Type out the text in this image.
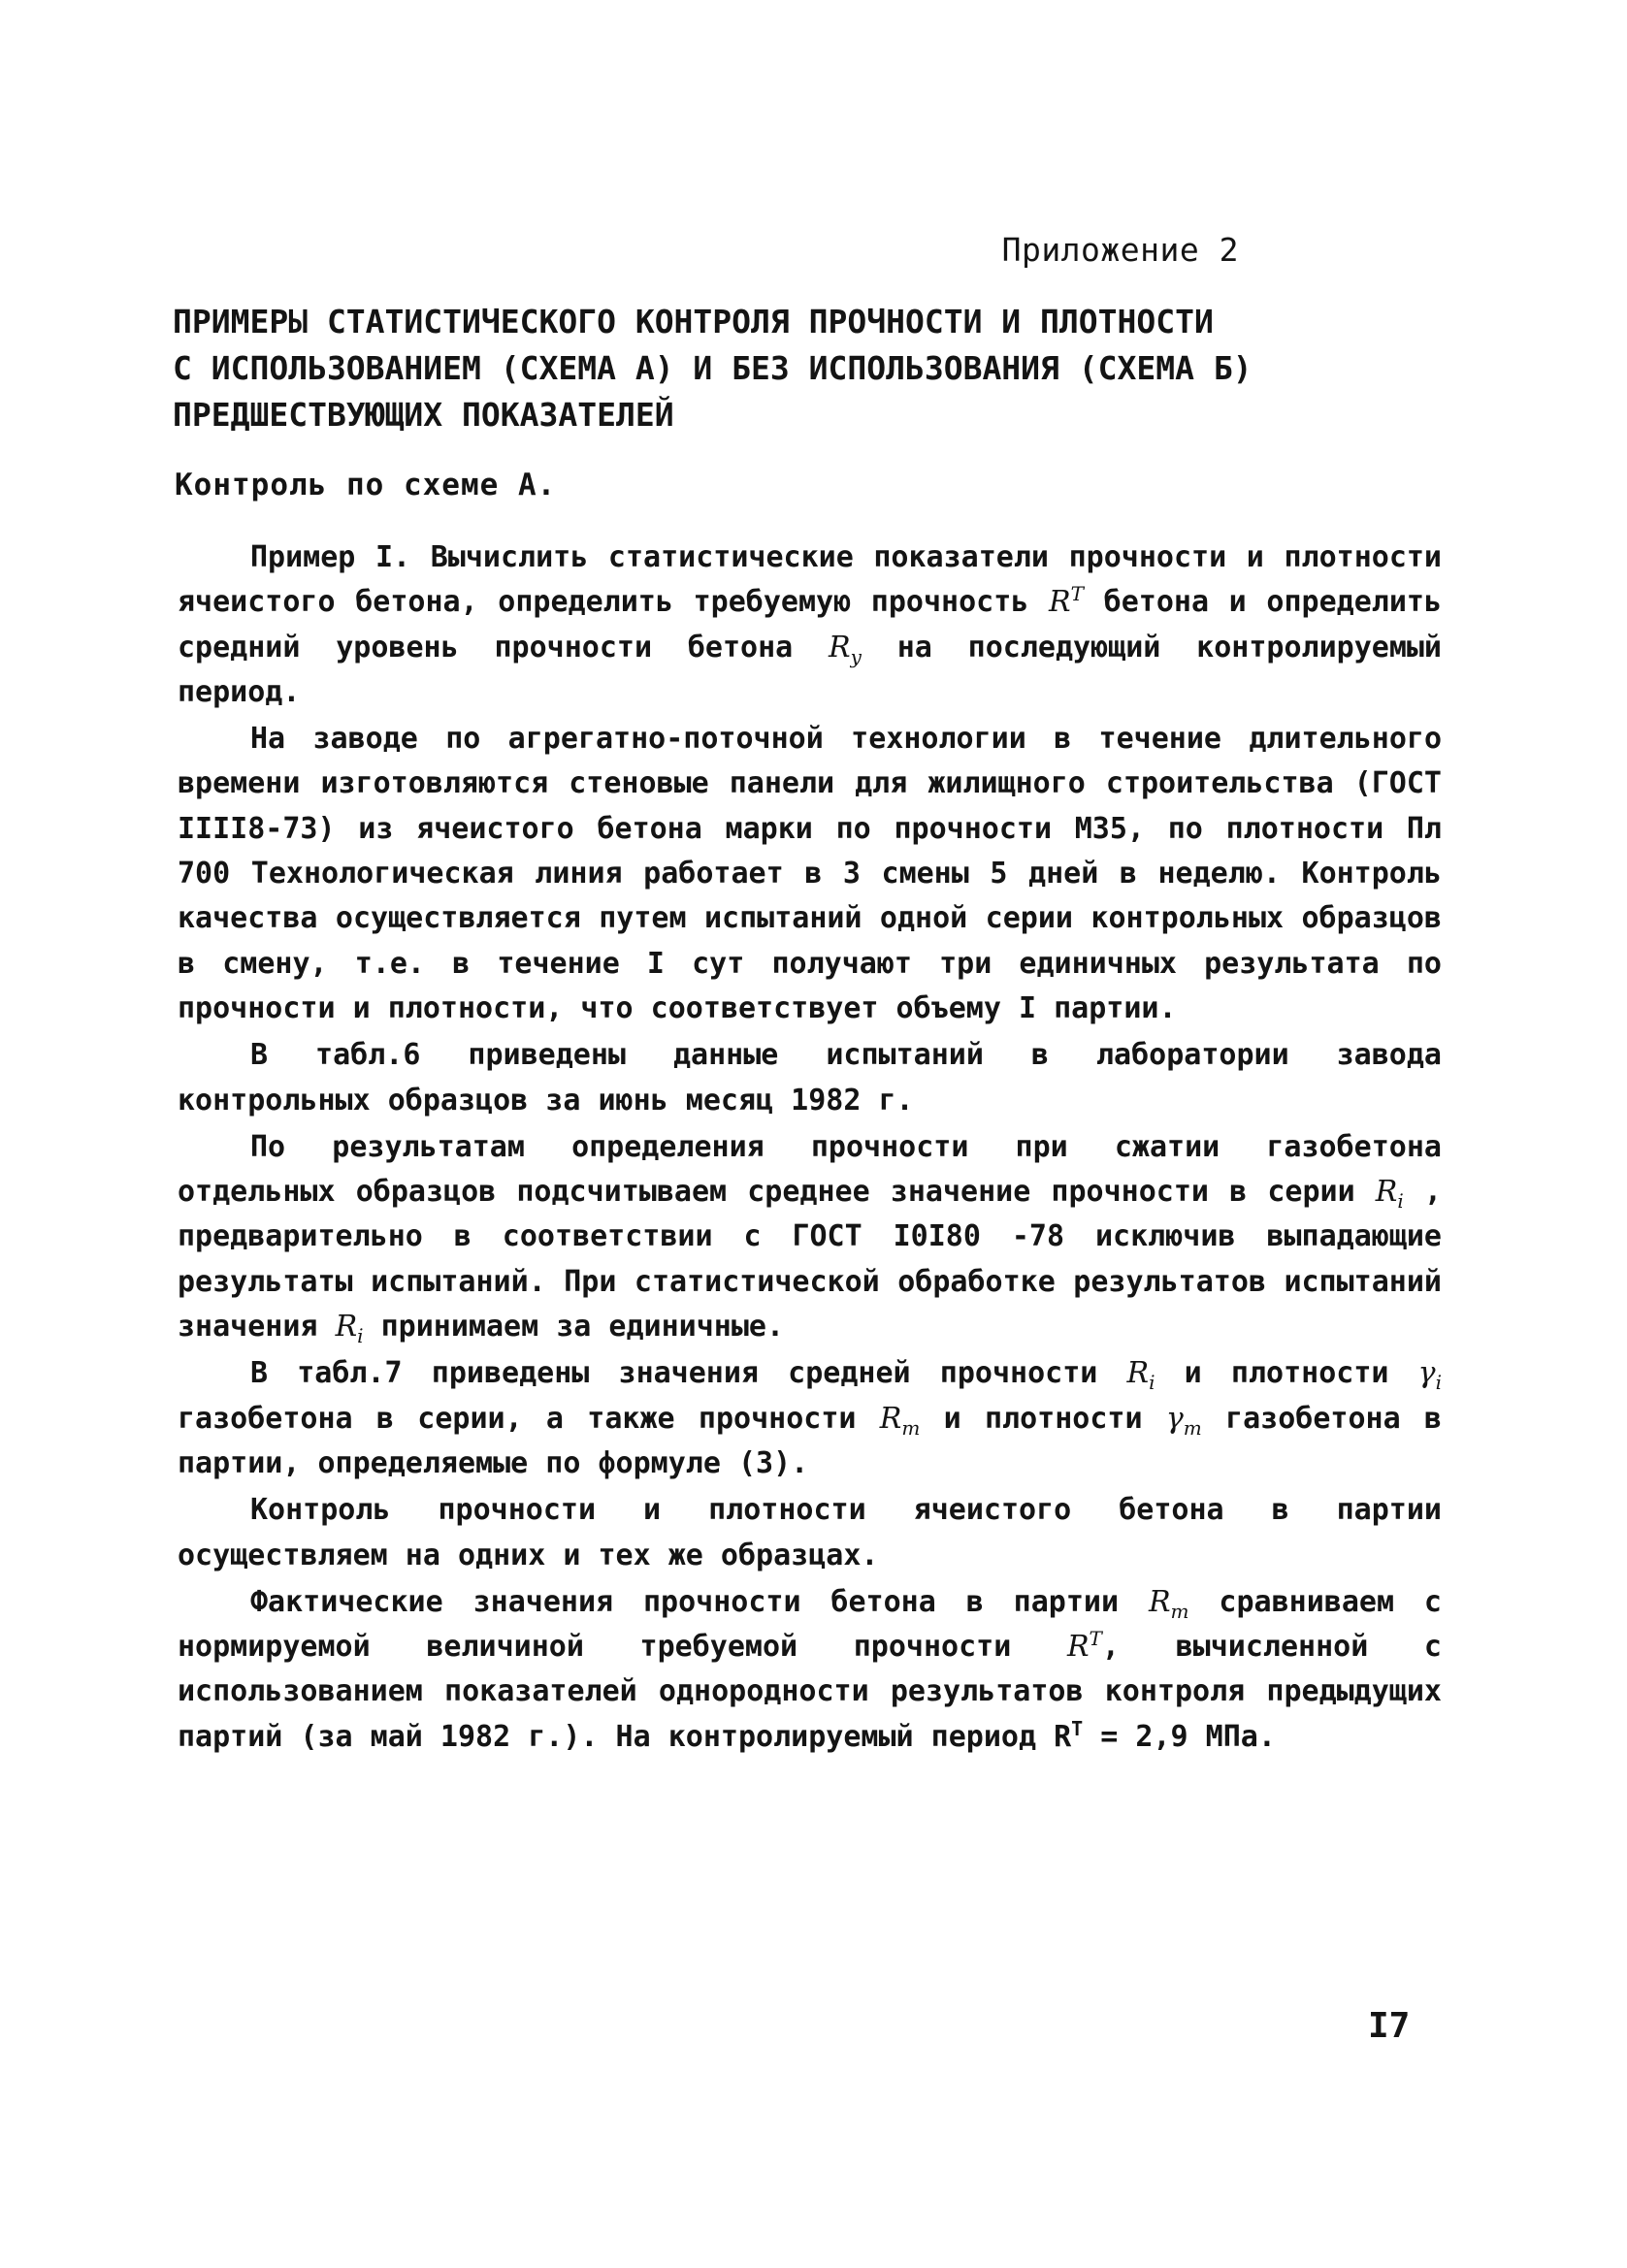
Приложение 2
ПРИМЕРЫ СТАТИСТИЧЕСКОГО КОНТРОЛЯ ПРОЧНОСТИ И ПЛОТНОСТИ
С ИСПОЛЬЗОВАНИЕМ (СХЕМА А) И БЕЗ ИСПОЛЬЗОВАНИЯ (СХЕМА Б)
ПРЕДШЕСТВУЮЩИХ ПОКАЗАТЕЛЕЙ
Контроль по схеме А.

Пример I. Вычислить статистические показатели прочности и плотности ячеистого бетона, определить требуемую прочность $R^T$ бетона и определить средний уровень прочности бетона $R_y$ на последующий контролируемый период.

На заводе по агрегатно-поточной технологии в течение длительного времени изготовляются стеновые панели для жилищного строительства (ГОСТ IIII8-73) из ячеистого бетона марки по прочности М35, по плотности Пл 700 Технологическая линия работает в 3 смены 5 дней в неделю. Контроль качества осуществляется путем испытаний одной серии контрольных образцов в смену, т.е. в течение I сут получают три единичных результата по прочности и плотности, что соответствует объему I партии.

В табл.6 приведены данные испытаний в лаборатории завода контрольных образцов за июнь месяц 1982 г.

По результатам определения прочности при сжатии газобетона отдельных образцов подсчитываем среднее значение прочности в серии $R_i$ , предварительно в соответствии с ГОСТ I0I80 -78 исключив выпадающие результаты испытаний. При статистической обработке результатов испытаний значения $R_i$ принимаем за единичные.

В табл.7 приведены значения средней прочности $R_i$ и плотности $\gamma_i$ газобетона в серии, а также прочности $R_m$ и плотности $\gamma_m$ газобетона в партии, определяемые по формуле (3).

Контроль прочности и плотности ячеистого бетона в партии осуществляем на одних и тех же образцах.

Фактические значения прочности бетона в партии $R_m$ сравниваем с нормируемой величиной требуемой прочности $R^T$, вычисленной с использованием показателей однородности результатов контроля предыдущих партий (за май 1982 г.). На контролируемый период $R^T = 2,9$ МПа.

I7
